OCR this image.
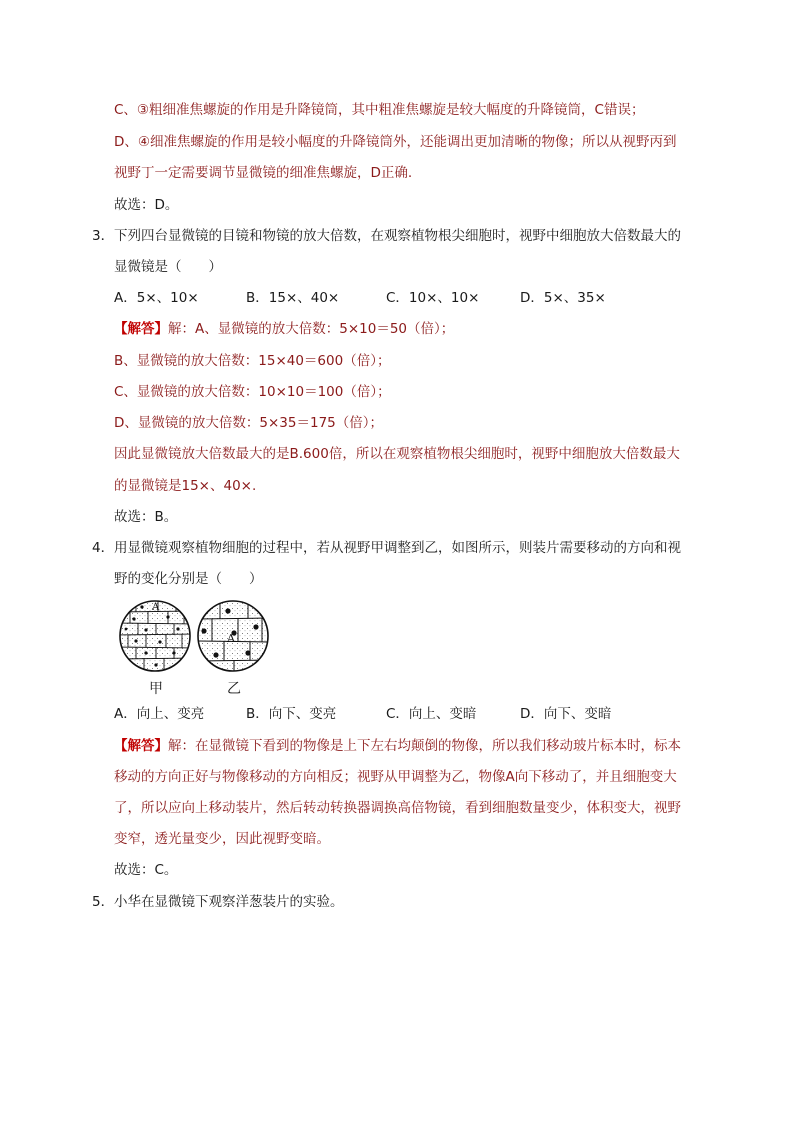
C、③粗细准焦螺旋的作用是升降镜筒，其中粗准焦螺旋是较大幅度的升降镜筒，C错误；
D、④细准焦螺旋的作用是较小幅度的升降镜筒外，还能调出更加清晰的物像；所以从视野丙到
视野丁一定需要调节显微镜的细准焦螺旋，D正确.
故选：D。
3． 下列四台显微镜的目镜和物镜的放大倍数，在观察植物根尖细胞时，视野中细胞放大倍数最大的
显微镜是（　　）
A．5×、10×	B．15×、40×	C．10×、10×	D．5×、35×
【解答】解：A、显微镜的放大倍数：5×10＝50（倍）；
B、显微镜的放大倍数：15×40＝600（倍）；
C、显微镜的放大倍数：10×10＝100（倍）；
D、显微镜的放大倍数：5×35＝175（倍）；
因此显微镜放大倍数最大的是B.600倍，所以在观察植物根尖细胞时，视野中细胞放大倍数最大
的显微镜是15×、40×.
故选：B。
4． 用显微镜观察植物细胞的过程中，若从视野甲调整到乙，如图所示，则装片需要移动的方向和视
野的变化分别是（　　）
A
A
甲	乙
A．向上、变亮	B．向下、变亮	C．向上、变暗	D．向下、变暗
【解答】解：在显微镜下看到的物像是上下左右均颠倒的物像，所以我们移动玻片标本时，标本
移动的方向正好与物像移动的方向相反；视野从甲调整为乙，物像A向下移动了，并且细胞变大
了，所以应向上移动装片，然后转动转换器调换高倍物镜，看到细胞数量变少，体积变大，视野
变窄，透光量变少，因此视野变暗。
故选：C。
5． 小华在显微镜下观察洋葱装片的实验。
